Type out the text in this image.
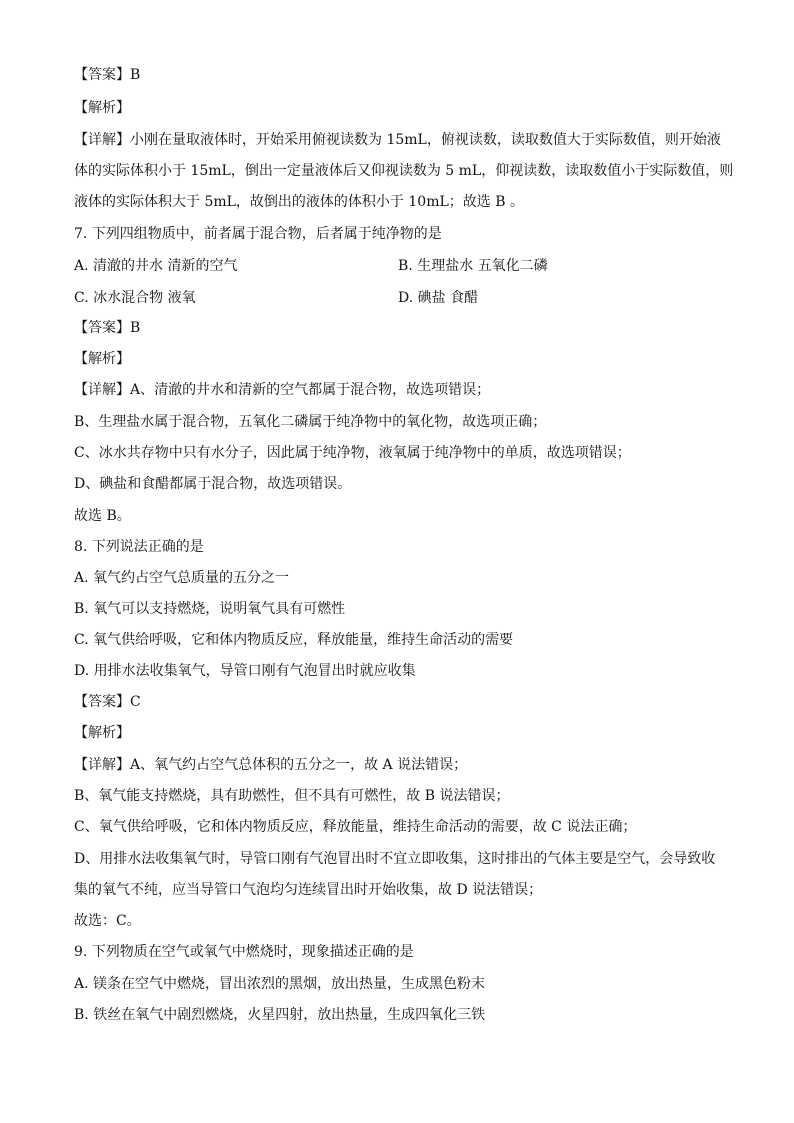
【答案】B
【解析】
【详解】小刚在量取液体时，开始采用俯视读数为 15mL，俯视读数，读取数值大于实际数值，则开始液
体的实际体积小于 15mL，倒出一定量液体后又仰视读数为 5 mL，仰视读数，读取数值小于实际数值，则
液体的实际体积大于 5mL，故倒出的液体的体积小于 10mL；故选 B 。
7. 下列四组物质中，前者属于混合物，后者属于纯净物的是
A. 清澈的井水 清新的空气	B. 生理盐水 五氧化二磷
C. 冰水混合物 液氧	D. 碘盐 食醋
【答案】B
【解析】
【详解】A、清澈的井水和清新的空气都属于混合物，故选项错误；
B、生理盐水属于混合物，五氧化二磷属于纯净物中的氧化物，故选项正确；
C、冰水共存物中只有水分子，因此属于纯净物，液氧属于纯净物中的单质，故选项错误；
D、碘盐和食醋都属于混合物，故选项错误。
故选 B。
8. 下列说法正确的是
A. 氧气约占空气总质量的五分之一
B. 氧气可以支持燃烧，说明氧气具有可燃性
C. 氧气供给呼吸，它和体内物质反应，释放能量，维持生命活动的需要
D. 用排水法收集氧气，导管口刚有气泡冒出时就应收集
【答案】C
【解析】
【详解】A、氧气约占空气总体积的五分之一，故 A 说法错误；
B、氧气能支持燃烧，具有助燃性，但不具有可燃性，故 B 说法错误；
C、氧气供给呼吸，它和体内物质反应，释放能量，维持生命活动的需要，故 C 说法正确；
D、用排水法收集氧气时，导管口刚有气泡冒出时不宜立即收集，这时排出的气体主要是空气，会导致收
集的氧气不纯，应当导管口气泡均匀连续冒出时开始收集，故 D 说法错误；
故选：C。
9. 下列物质在空气或氧气中燃烧时，现象描述正确的是
A. 镁条在空气中燃烧，冒出浓烈的黑烟，放出热量，生成黑色粉末
B. 铁丝在氧气中剧烈燃烧，火星四射，放出热量，生成四氧化三铁
